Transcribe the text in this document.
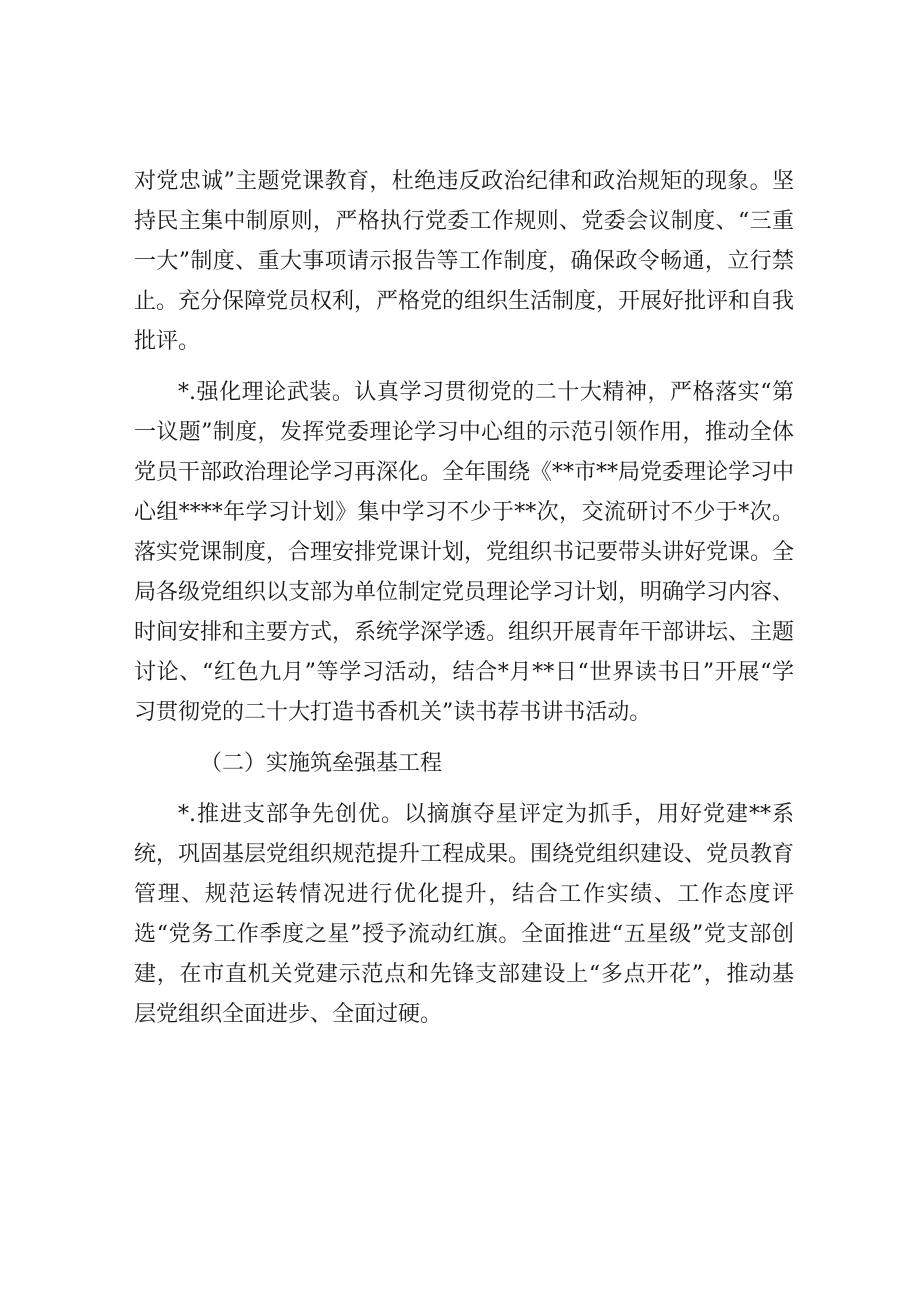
对党忠诚”主题党课教育，杜绝违反政治纪律和政治规矩的现象。坚持民主集中制原则，严格执行党委工作规则、党委会议制度、“三重一大”制度、重大事项请示报告等工作制度，确保政令畅通，立行禁止。充分保障党员权利，严格党的组织生活制度，开展好批评和自我批评。

*.强化理论武装。认真学习贯彻党的二十大精神，严格落实“第一议题”制度，发挥党委理论学习中心组的示范引领作用，推动全体党员干部政治理论学习再深化。全年围绕《**市**局党委理论学习中心组****年学习计划》集中学习不少于**次，交流研讨不少于*次。落实党课制度，合理安排党课计划，党组织书记要带头讲好党课。全局各级党组织以支部为单位制定党员理论学习计划，明确学习内容、时间安排和主要方式，系统学深学透。组织开展青年干部讲坛、主题讨论、“红色九月”等学习活动，结合*月**日“世界读书日”开展“学习贯彻党的二十大打造书香机关”读书荐书讲书活动。

（二）实施筑垒强基工程

*.推进支部争先创优。以摘旗夺星评定为抓手，用好党建**系统，巩固基层党组织规范提升工程成果。围绕党组织建设、党员教育管理、规范运转情况进行优化提升，结合工作实绩、工作态度评选“党务工作季度之星”授予流动红旗。全面推进“五星级”党支部创建，在市直机关党建示范点和先锋支部建设上“多点开花”，推动基层党组织全面进步、全面过硬。
